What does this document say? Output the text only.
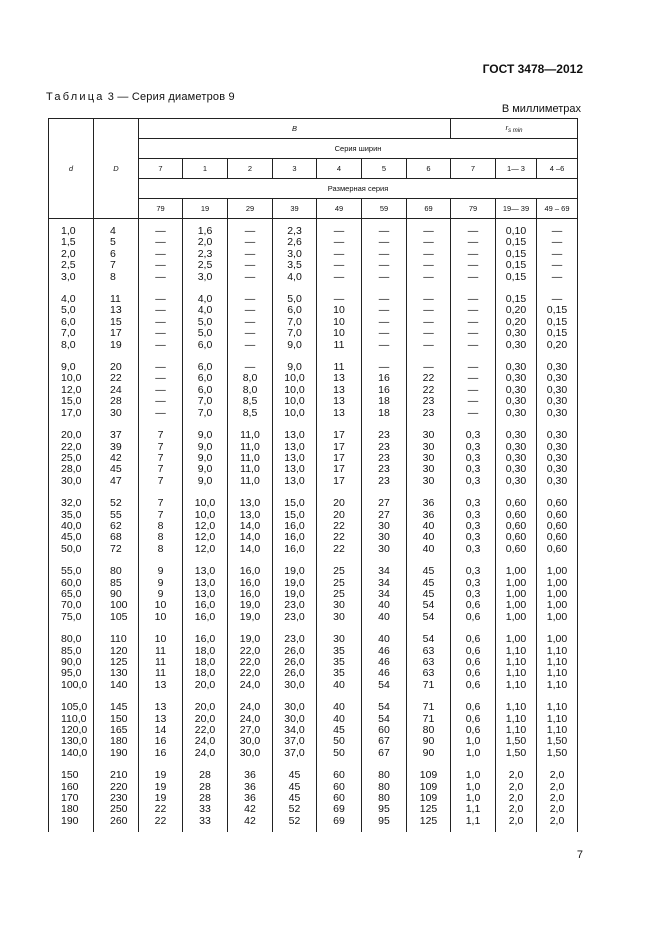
ГОСТ 3478—2012
Таблица 3 — Серия диаметров 9
В миллиметрах
d	D	B							$r_{s min}$
		Серия ширин									
		7	1	2	3	4	5	6	7	1— 3	4 –6
		Размерная серия									
		79	19	29	39	49	59	69	79	19— 39	49 – 69
1,0	4	—	1,6	—	2,3	—	—	—	—	0,10	—
1,5	5	—	2,0	—	2,6	—	—	—	—	0,15	—
2,0	6	—	2,3	—	3,0	—	—	—	—	0,15	—
2,5	7	—	2,5	—	3,5	—	—	—	—	0,15	—
3,0	8	—	3,0	—	4,0	—	—	—	—	0,15	—
4,0	11	—	4,0	—	5,0	—	—	—	—	0,15	—
5,0	13	—	4,0	—	6,0	10	—	—	—	0,20	0,15
6,0	15	—	5,0	—	7,0	10	—	—	—	0,20	0,15
7,0	17	—	5,0	—	7,0	10	—	—	—	0,30	0,15
8,0	19	—	6,0	—	9,0	11	—	—	—	0,30	0,20
9,0	20	—	6,0	—	9,0	11	—	—	—	0,30	0,30
10,0	22	—	6,0	8,0	10,0	13	16	22	—	0,30	0,30
12,0	24	—	6,0	8,0	10,0	13	16	22	—	0,30	0,30
15,0	28	—	7,0	8,5	10,0	13	18	23	—	0,30	0,30
17,0	30	—	7,0	8,5	10,0	13	18	23	—	0,30	0,30
20,0	37	7	9,0	11,0	13,0	17	23	30	0,3	0,30	0,30
22,0	39	7	9,0	11,0	13,0	17	23	30	0,3	0,30	0,30
25,0	42	7	9,0	11,0	13,0	17	23	30	0,3	0,30	0,30
28,0	45	7	9,0	11,0	13,0	17	23	30	0,3	0,30	0,30
30,0	47	7	9,0	11,0	13,0	17	23	30	0,3	0,30	0,30
32,0	52	7	10,0	13,0	15,0	20	27	36	0,3	0,60	0,60
35,0	55	7	10,0	13,0	15,0	20	27	36	0,3	0,60	0,60
40,0	62	8	12,0	14,0	16,0	22	30	40	0,3	0,60	0,60
45,0	68	8	12,0	14,0	16,0	22	30	40	0,3	0,60	0,60
50,0	72	8	12,0	14,0	16,0	22	30	40	0,3	0,60	0,60
55,0	80	9	13,0	16,0	19,0	25	34	45	0,3	1,00	1,00
60,0	85	9	13,0	16,0	19,0	25	34	45	0,3	1,00	1,00
65,0	90	9	13,0	16,0	19,0	25	34	45	0,3	1,00	1,00
70,0	100	10	16,0	19,0	23,0	30	40	54	0,6	1,00	1,00
75,0	105	10	16,0	19,0	23,0	30	40	54	0,6	1,00	1,00
80,0	110	10	16,0	19,0	23,0	30	40	54	0,6	1,00	1,00
85,0	120	11	18,0	22,0	26,0	35	46	63	0,6	1,10	1,10
90,0	125	11	18,0	22,0	26,0	35	46	63	0,6	1,10	1,10
95,0	130	11	18,0	22,0	26,0	35	46	63	0,6	1,10	1,10
100,0	140	13	20,0	24,0	30,0	40	54	71	0,6	1,10	1,10
105,0	145	13	20,0	24,0	30,0	40	54	71	0,6	1,10	1,10
110,0	150	13	20,0	24,0	30,0	40	54	71	0,6	1,10	1,10
120,0	165	14	22,0	27,0	34,0	45	60	80	0,6	1,10	1,10
130,0	180	16	24,0	30,0	37,0	50	67	90	1,0	1,50	1,50
140,0	190	16	24,0	30,0	37,0	50	67	90	1,0	1,50	1,50
150	210	19	28	36	45	60	80	109	1,0	2,0	2,0
160	220	19	28	36	45	60	80	109	1,0	2,0	2,0
170	230	19	28	36	45	60	80	109	1,0	2,0	2,0
180	250	22	33	42	52	69	95	125	1,1	2,0	2,0
190	260	22	33	42	52	69	95	125	1,1	2,0	2,0
7
